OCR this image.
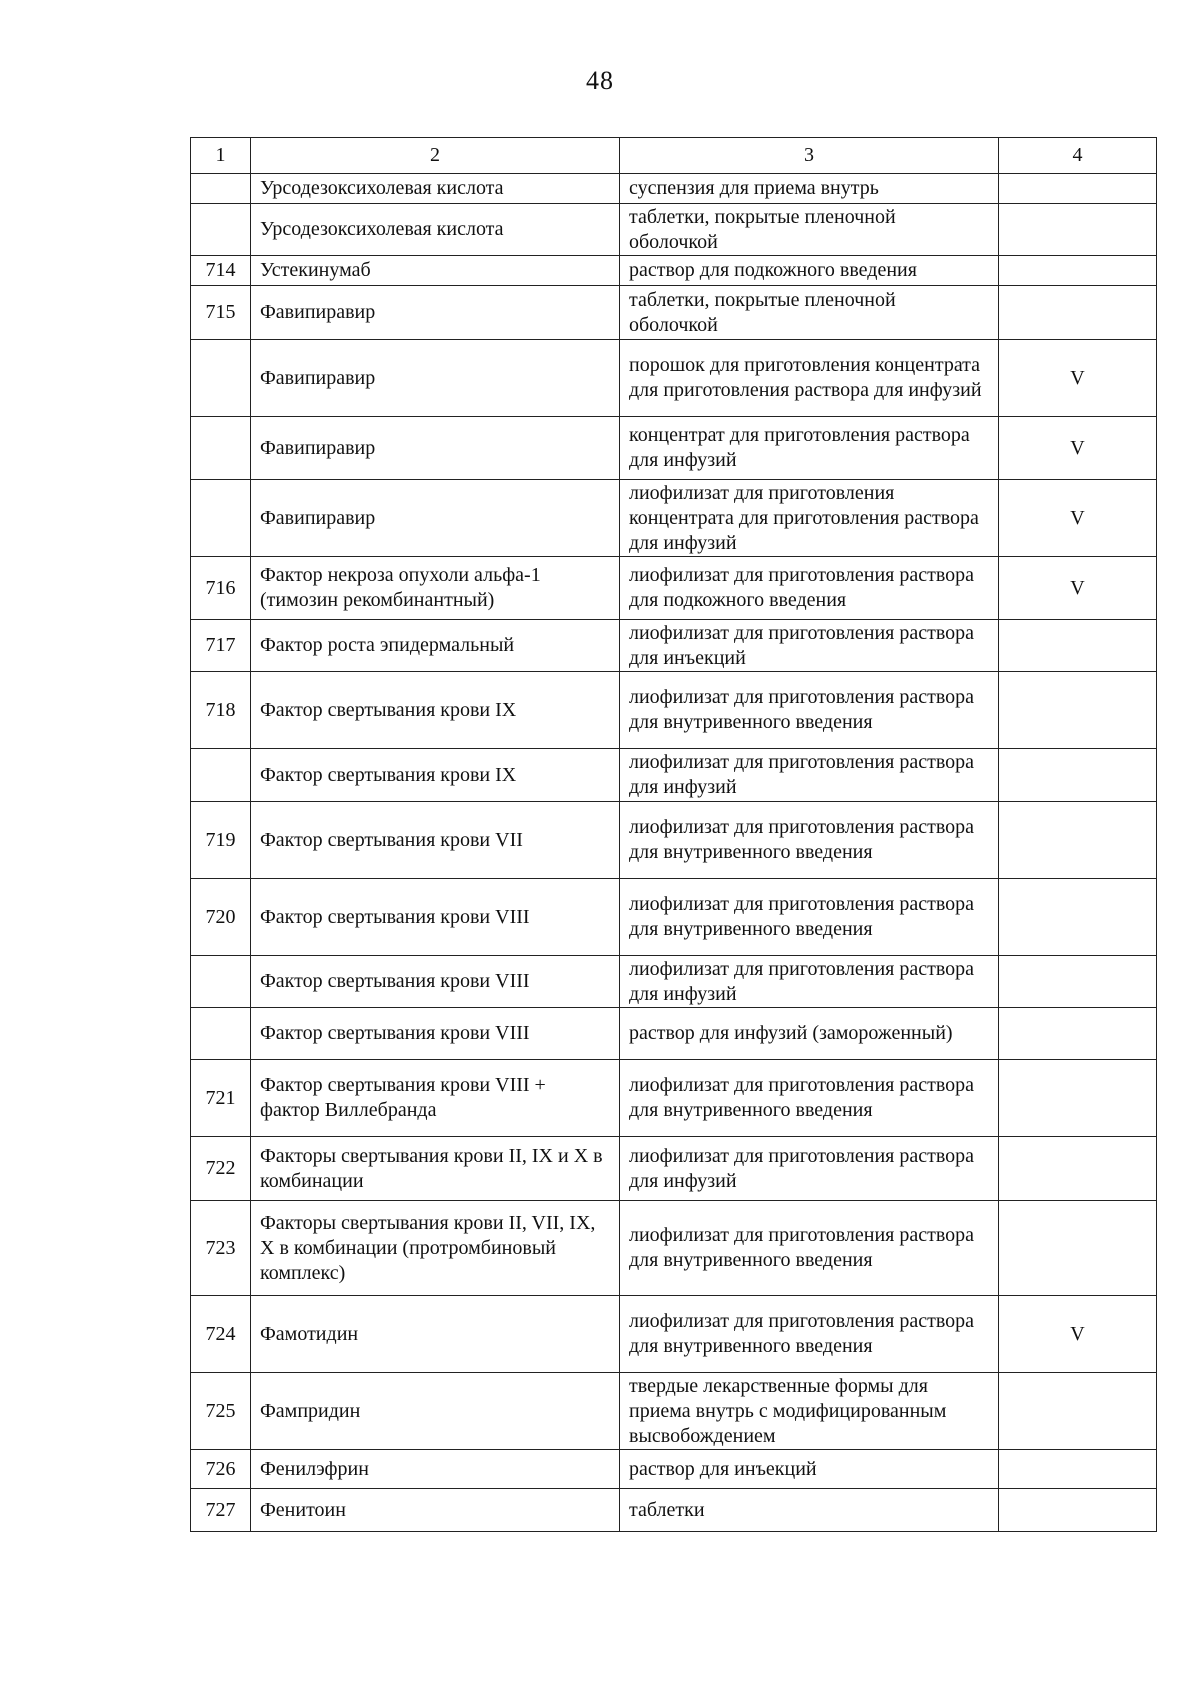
48
1	2	3	4
	Урсодезоксихолевая кислота	суспензия для приема внутрь	
	Урсодезоксихолевая кислота	таблетки, покрытые пленочной оболочкой	
714	Устекинумаб	раствор для подкожного введения	
715	Фавипиравир	таблетки, покрытые пленочной оболочкой	
	Фавипиравир	порошок для приготовления концентрата для приготовления раствора для инфузий	V
	Фавипиравир	концентрат для приготовления раствора для инфузий	V
	Фавипиравир	лиофилизат для приготовления концентрата для приготовления раствора для инфузий	V
716	Фактор некроза опухоли альфа-1 (тимозин рекомбинантный)	лиофилизат для приготовления раствора для подкожного введения	V
717	Фактор роста эпидермальный	лиофилизат для приготовления раствора для инъекций	
718	Фактор свертывания крови IX	лиофилизат для приготовления раствора для внутривенного введения	
	Фактор свертывания крови IX	лиофилизат для приготовления раствора для инфузий	
719	Фактор свертывания крови VII	лиофилизат для приготовления раствора для внутривенного введения	
720	Фактор свертывания крови VIII	лиофилизат для приготовления раствора для внутривенного введения	
	Фактор свертывания крови VIII	лиофилизат для приготовления раствора для инфузий	
	Фактор свертывания крови VIII	раствор для инфузий (замороженный)	
721	Фактор свертывания крови VIII + фактор Виллебранда	лиофилизат для приготовления раствора для внутривенного введения	
722	Факторы свертывания крови II, IX и X в комбинации	лиофилизат для приготовления раствора для инфузий	
723	Факторы свертывания крови II, VII, IX, X в комбинации (протромбиновый комплекс)	лиофилизат для приготовления раствора для внутривенного введения	
724	Фамотидин	лиофилизат для приготовления раствора для внутривенного введения	V
725	Фампридин	твердые лекарственные формы для приема внутрь с модифицированным высвобождением	
726	Фенилэфрин	раствор для инъекций	
727	Фенитоин	таблетки	
